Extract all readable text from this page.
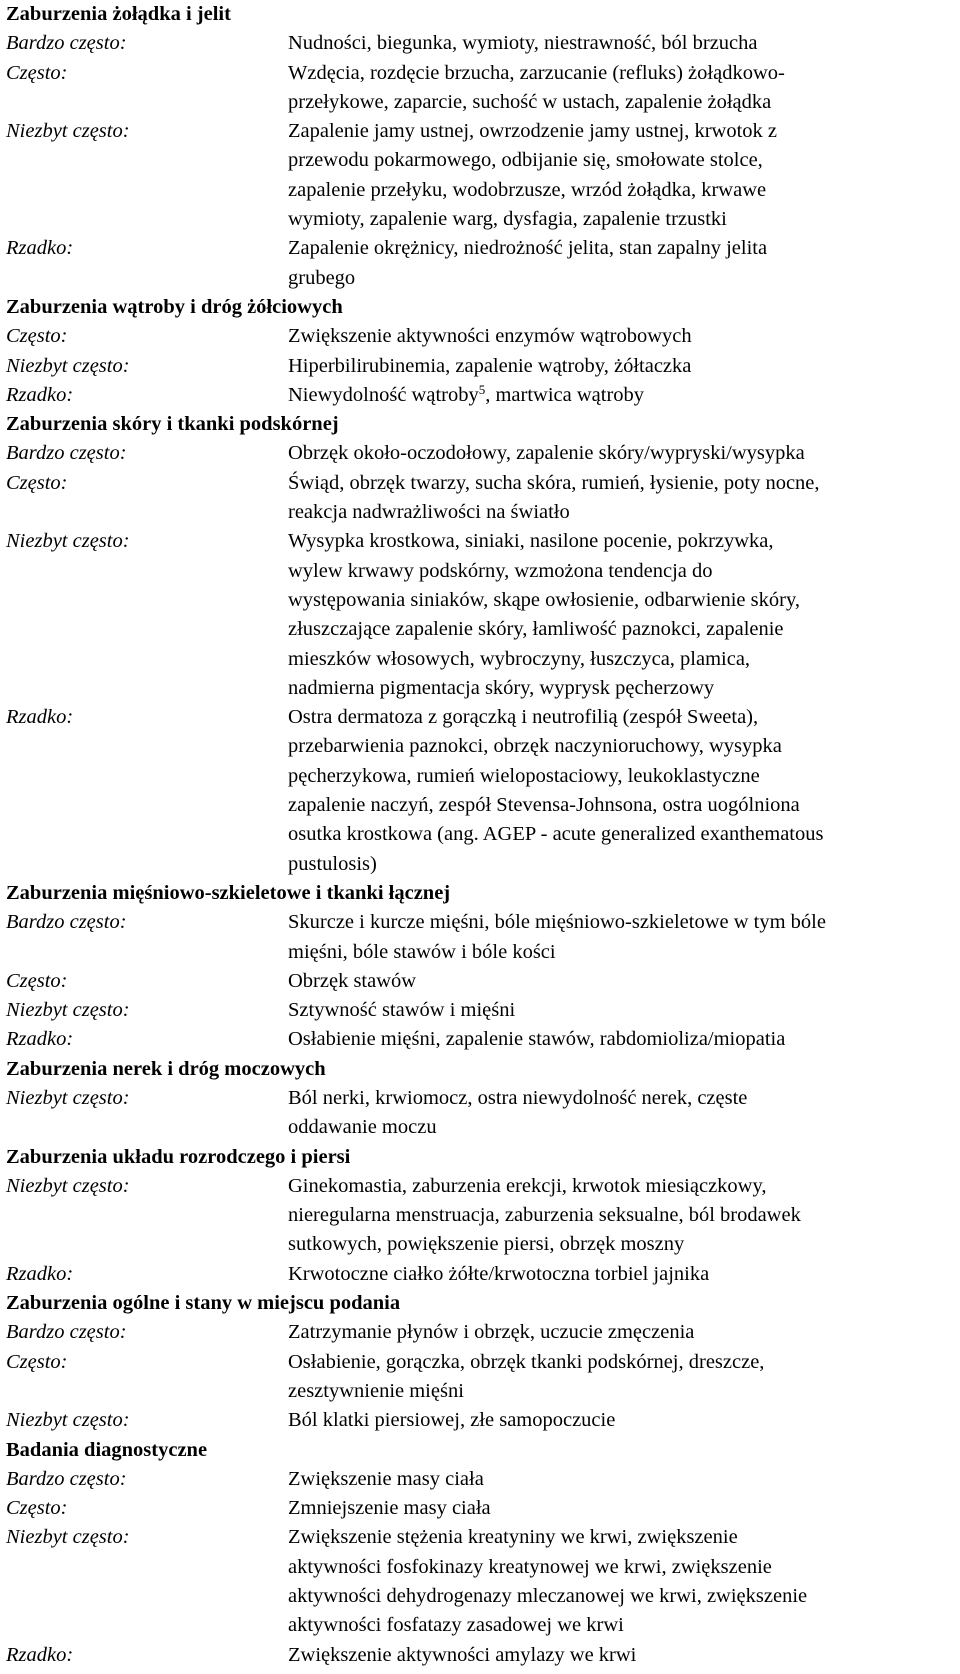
Zaburzenia żołądka i jelit
Bardzo często:	Nudności, biegunka, wymioty, niestrawność, ból brzucha
Często:	Wzdęcia, rozdęcie brzucha, zarzucanie (refluks) żołądkowo-
przełykowe, zaparcie, suchość w ustach, zapalenie żołądka
Niezbyt często:	Zapalenie jamy ustnej, owrzodzenie jamy ustnej, krwotok z
przewodu pokarmowego, odbijanie się, smołowate stolce,
zapalenie przełyku, wodobrzusze, wrzód żołądka, krwawe
wymioty, zapalenie warg, dysfagia, zapalenie trzustki
Rzadko:	Zapalenie okrężnicy, niedrożność jelita, stan zapalny jelita
grubego
Zaburzenia wątroby i dróg żółciowych
Często:	Zwiększenie aktywności enzymów wątrobowych
Niezbyt często:	Hiperbilirubinemia, zapalenie wątroby, żółtaczka
Rzadko:	Niewydolność wątroby$^5$, martwica wątroby
Zaburzenia skóry i tkanki podskórnej
Bardzo często:	Obrzęk około-oczodołowy, zapalenie skóry/wypryski/wysypka
Często:	Świąd, obrzęk twarzy, sucha skóra, rumień, łysienie, poty nocne,
reakcja nadwrażliwości na światło
Niezbyt często:	Wysypka krostkowa, siniaki, nasilone pocenie, pokrzywka,
wylew krwawy podskórny, wzmożona tendencja do
występowania siniaków, skąpe owłosienie, odbarwienie skóry,
złuszczające zapalenie skóry, łamliwość paznokci, zapalenie
mieszków włosowych, wybroczyny, łuszczyca, plamica,
nadmierna pigmentacja skóry, wyprysk pęcherzowy
Rzadko:	Ostra dermatoza z gorączką i neutrofilią (zespół Sweeta),
przebarwienia paznokci, obrzęk naczynioruchowy, wysypka
pęcherzykowa, rumień wielopostaciowy, leukoklastyczne
zapalenie naczyń, zespół Stevensa-Johnsona, ostra uogólniona
osutka krostkowa (ang. AGEP - acute generalized exanthematous
pustulosis)
Zaburzenia mięśniowo-szkieletowe i tkanki łącznej
Bardzo często:	Skurcze i kurcze mięśni, bóle mięśniowo-szkieletowe w tym bóle
mięśni, bóle stawów i bóle kości
Często:	Obrzęk stawów
Niezbyt często:	Sztywność stawów i mięśni
Rzadko:	Osłabienie mięśni, zapalenie stawów, rabdomioliza/miopatia
Zaburzenia nerek i dróg moczowych
Niezbyt często:	Ból nerki, krwiomocz, ostra niewydolność nerek, częste
oddawanie moczu
Zaburzenia układu rozrodczego i piersi
Niezbyt często:	Ginekomastia, zaburzenia erekcji, krwotok miesiączkowy,
nieregularna menstruacja, zaburzenia seksualne, ból brodawek
sutkowych, powiększenie piersi, obrzęk moszny
Rzadko:	Krwotoczne ciałko żółte/krwotoczna torbiel jajnika
Zaburzenia ogólne i stany w miejscu podania
Bardzo często:	Zatrzymanie płynów i obrzęk, uczucie zmęczenia
Często:	Osłabienie, gorączka, obrzęk tkanki podskórnej, dreszcze,
zesztywnienie mięśni
Niezbyt często:	Ból klatki piersiowej, złe samopoczucie
Badania diagnostyczne
Bardzo często:	Zwiększenie masy ciała
Często:	Zmniejszenie masy ciała
Niezbyt często:	Zwiększenie stężenia kreatyniny we krwi, zwiększenie
aktywności fosfokinazy kreatynowej we krwi, zwiększenie
aktywności dehydrogenazy mleczanowej we krwi, zwiększenie
aktywności fosfatazy zasadowej we krwi
Rzadko:	Zwiększenie aktywności amylazy we krwi
